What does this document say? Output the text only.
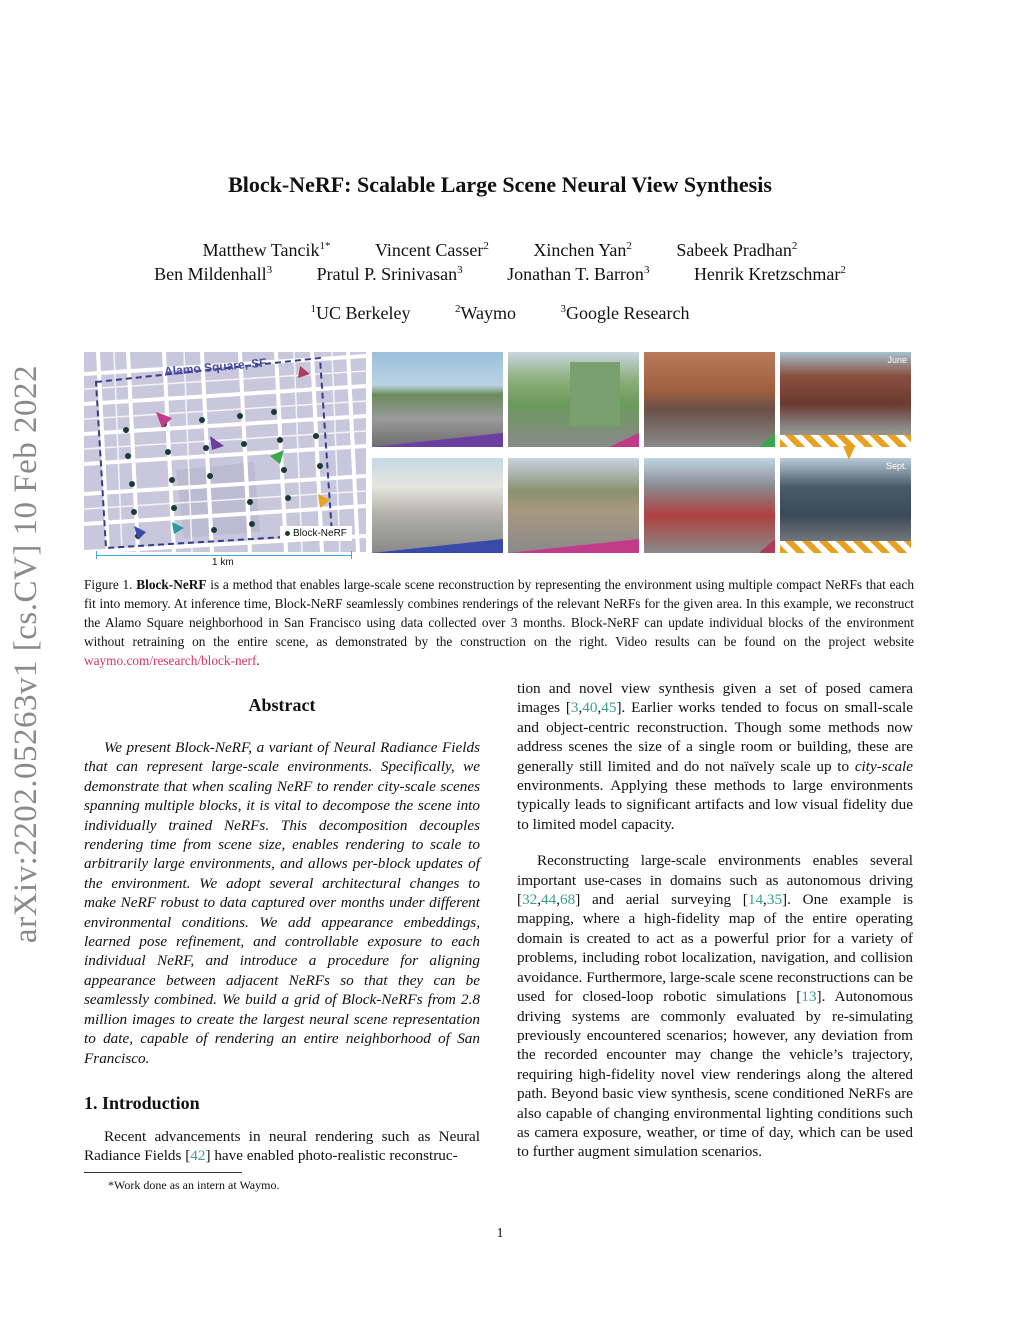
Block-NeRF: Scalable Large Scene Neural View Synthesis
Matthew Tancik$^{1*}$ Vincent Casser$^2$ Xinchen Yan$^2$ Sabeek Pradhan$^2$
Ben Mildenhall$^3$ Pratul P. Srinivasan$^3$ Jonathan T. Barron$^3$ Henrik Kretzschmar$^2$
$^1$UC Berkeley	$^2$Waymo	$^3$Google Research
arXiv:2202.05263v1 [cs.CV] 10 Feb 2022	Alamo Square, SF
Block-NeRF
1 km
June
Sept.
Figure 1. Block-NeRF is a method that enables large-scale scene reconstruction by representing the environment using multiple compact NeRFs that each fit into memory. At inference time, Block-NeRF seamlessly combines renderings of the relevant NeRFs for the given area. In this example, we reconstruct the Alamo Square neighborhood in San Francisco using data collected over 3 months. Block-NeRF can update individual blocks of the environment without retraining on the entire scene, as demonstrated by the construction on the right. Video results can be found on the project website waymo.com/research/block-nerf.
Abstract
We present Block-NeRF, a variant of Neural Radiance Fields that can represent large-scale environments. Specifically, we demonstrate that when scaling NeRF to render city-scale scenes spanning multiple blocks, it is vital to decompose the scene into individually trained NeRFs. This decomposition decouples rendering time from scene size, enables rendering to scale to arbitrarily large environments, and allows per-block updates of the environment. We adopt several architectural changes to make NeRF robust to data captured over months under different environmental conditions. We add appearance embeddings, learned pose refinement, and controllable exposure to each individual NeRF, and introduce a procedure for aligning appearance between adjacent NeRFs so that they can be seamlessly combined. We build a grid of Block-NeRFs from 2.8 million images to create the largest neural scene representation to date, capable of rendering an entire neighborhood of San Francisco.
1. Introduction
Recent advancements in neural rendering such as Neural Radiance Fields [42] have enabled photo-realistic reconstruc-
*Work done as an intern at Waymo.

tion and novel view synthesis given a set of posed camera images [3,40,45]. Earlier works tended to focus on small-scale and object-centric reconstruction. Though some methods now address scenes the size of a single room or building, these are generally still limited and do not naïvely scale up to city-scale environments. Applying these methods to large environments typically leads to significant artifacts and low visual fidelity due to limited model capacity.

Reconstructing large-scale environments enables several important use-cases in domains such as autonomous driving [32,44,68] and aerial surveying [14,35]. One example is mapping, where a high-fidelity map of the entire operating domain is created to act as a powerful prior for a variety of problems, including robot localization, navigation, and collision avoidance. Furthermore, large-scale scene reconstructions can be used for closed-loop robotic simulations [13]. Autonomous driving systems are commonly evaluated by re-simulating previously encountered scenarios; however, any deviation from the recorded encounter may change the vehicle’s trajectory, requiring high-fidelity novel view renderings along the altered path. Beyond basic view synthesis, scene conditioned NeRFs are also capable of changing environmental lighting conditions such as camera exposure, weather, or time of day, which can be used to further augment simulation scenarios.

1
